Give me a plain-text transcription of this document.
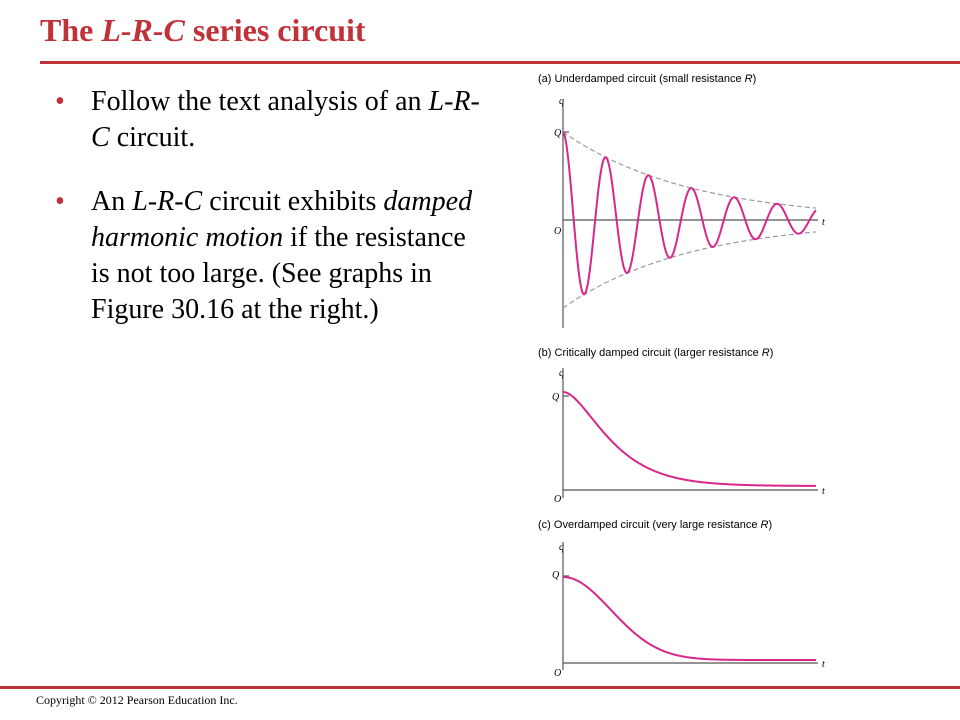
The L-R-C series circuit
• Follow the text analysis of an L-R-C circuit.
• An L-R-C circuit exhibits damped harmonic motion if the resistance is not too large. (See graphs in Figure 30.16 at the right.)
(a) Underdamped circuit (small resistance R)
q
Q
O
t
(b) Critically damped circuit (larger resistance R)
q
Q
O
t
(c) Overdamped circuit (very large resistance R)
q
Q
O
t
Copyright © 2012 Pearson Education Inc.
